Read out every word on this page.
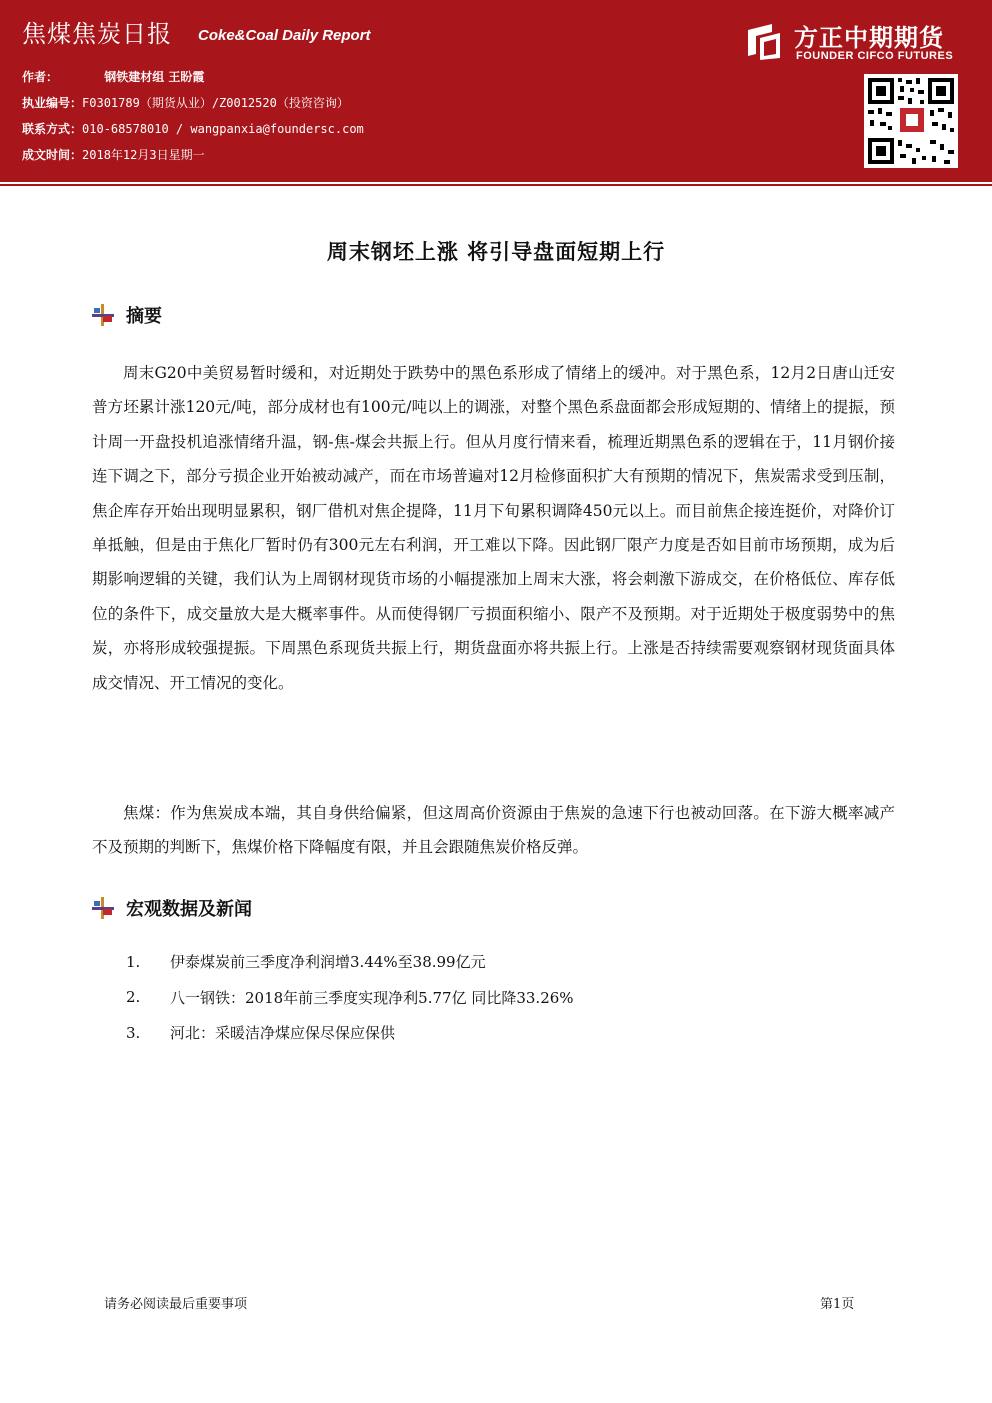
焦煤焦炭日报 Coke&Coal Daily Report
作者：	钢铁建材组 王盼霞
执业编号：F0301789（期货从业）/Z0012520（投资咨询）
联系方式：010-68578010 / wangpanxia@foundersc.com
成文时间：2018年12月3日星期一
方正中期期货
FOUNDER CIFCO FUTURES
周末钢坯上涨 将引导盘面短期上行
摘要

周末G20中美贸易暂时缓和，对近期处于跌势中的黑色系形成了情绪上的缓冲。对于黑色系，12月2日唐山迁安普方坯累计涨120元/吨，部分成材也有100元/吨以上的调涨，对整个黑色系盘面都会形成短期的、情绪上的提振，预计周一开盘投机追涨情绪升温，钢-焦-煤会共振上行。但从月度行情来看，梳理近期黑色系的逻辑在于，11月钢价接连下调之下，部分亏损企业开始被动减产，而在市场普遍对12月检修面积扩大有预期的情况下，焦炭需求受到压制，焦企库存开始出现明显累积，钢厂借机对焦企提降，11月下旬累积调降450元以上。而目前焦企接连挺价，对降价订单抵触，但是由于焦化厂暂时仍有300元左右利润，开工难以下降。因此钢厂限产力度是否如目前市场预期，成为后期影响逻辑的关键，我们认为上周钢材现货市场的小幅提涨加上周末大涨，将会刺激下游成交，在价格低位、库存低位的条件下，成交量放大是大概率事件。从而使得钢厂亏损面积缩小、限产不及预期。对于近期处于极度弱势中的焦炭，亦将形成较强提振。下周黑色系现货共振上行，期货盘面亦将共振上行。上涨是否持续需要观察钢材现货面具体成交情况、开工情况的变化。

焦煤：作为焦炭成本端，其自身供给偏紧，但这周高价资源由于焦炭的急速下行也被动回落。在下游大概率减产不及预期的判断下，焦煤价格下降幅度有限，并且会跟随焦炭价格反弹。

宏观数据及新闻
1.	伊泰煤炭前三季度净利润增3.44%至38.99亿元
2.	八一钢铁：2018年前三季度实现净利5.77亿 同比降33.26%
3.	河北：采暖洁净煤应保尽保应保供
请务必阅读最后重要事项	第1页
